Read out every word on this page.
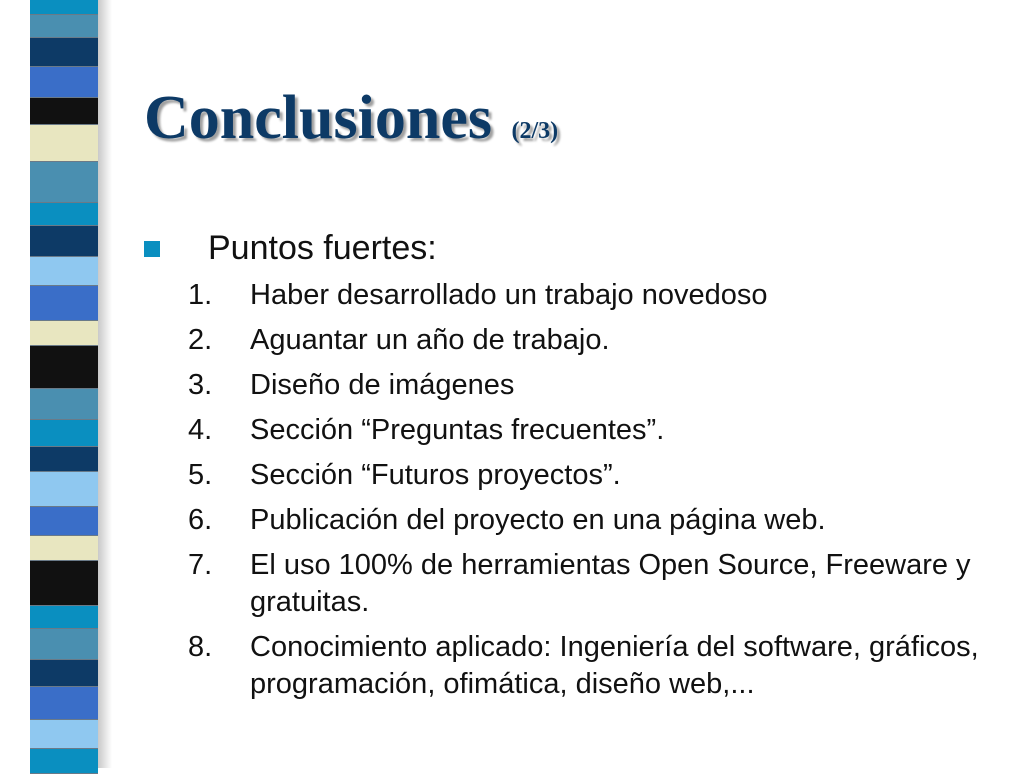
Conclusiones (2/3)

Puntos fuertes:

1. Haber desarrollado un trabajo novedoso
2. Aguantar un año de trabajo.
3. Diseño de imágenes
4. Sección “Preguntas frecuentes”.
5. Sección “Futuros proyectos”.
6. Publicación del proyecto en una página web.
7. El uso 100% de herramientas Open Source, Freeware y gratuitas.
8. Conocimiento aplicado: Ingeniería del software, gráficos, programación, ofimática, diseño web,...
